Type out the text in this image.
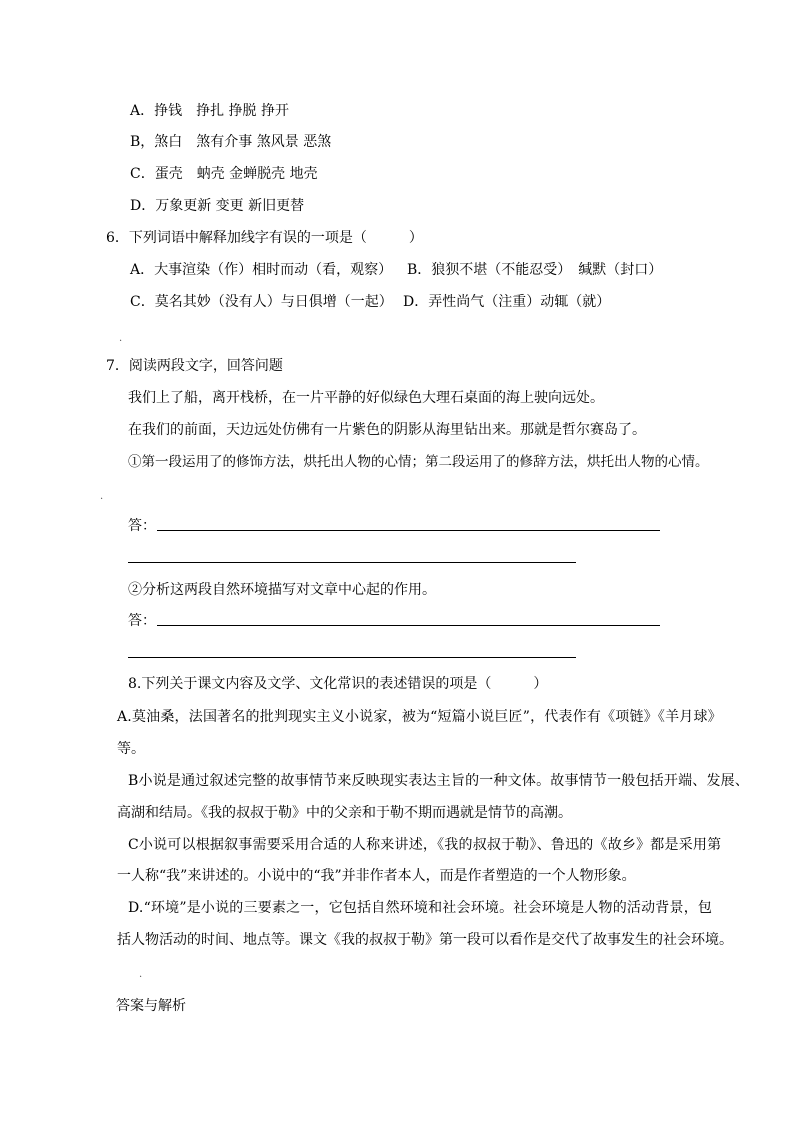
A．挣钱　挣扎 挣脱 挣开
B，煞白　煞有介事 煞风景 恶煞
C．蛋壳　蚋壳 金蝉脱壳 地壳
D．万象更新 变更 新旧更替
6．下列词语中解释加线字有误的一项是（　　　）
A．大事渲染（作）相时而动（看，观察） B．狼狈不堪（不能忍受）　缄默（封口）
C．莫名其妙（没有人）与日俱增（一起） D．弄性尚气（注重）动辄（就）
.
7．阅读两段文字，回答问题
我们上了船，离开栈桥，在一片平静的好似绿色大理石桌面的海上驶向远处。
在我们的前面，天边远处仿佛有一片紫色的阴影从海里钻出来。那就是哲尔赛岛了。
①第一段运用了的修饰方法，烘托出人物的心情；第二段运用了的修辞方法，烘托出人物的心情。
.
答：
②分析这两段自然环境描写对文章中心起的作用。
答：
8.下列关于课文内容及文学、文化常识的表述错误的项是（　　　）
A.莫油桑，法国著名的批判现实主义小说家，被为“短篇小说巨匠”，代表作有《项链》《羊月球》
等。
B小说是通过叙述完整的故事情节来反映现实表达主旨的一种文体。故事情节一般包括开端、发展、
高湖和结局。《我的叔叔于勒》中的父亲和于勒不期而遇就是情节的高潮。
C小说可以根据叙事需要采用合适的人称来讲述，《我的叔叔于勒》、鲁迅的《故乡》都是采用第
一人称“我”来讲述的。小说中的“我”并非作者本人，而是作者塑造的一个人物形象。
D.“环境”是小说的三要素之一，它包括自然环境和社会环境。社会环境是人物的活动背景，包
括人物活动的时间、地点等。课文《我的叔叔于勒》第一段可以看作是交代了故事发生的社会环境。
.
答案与解析
